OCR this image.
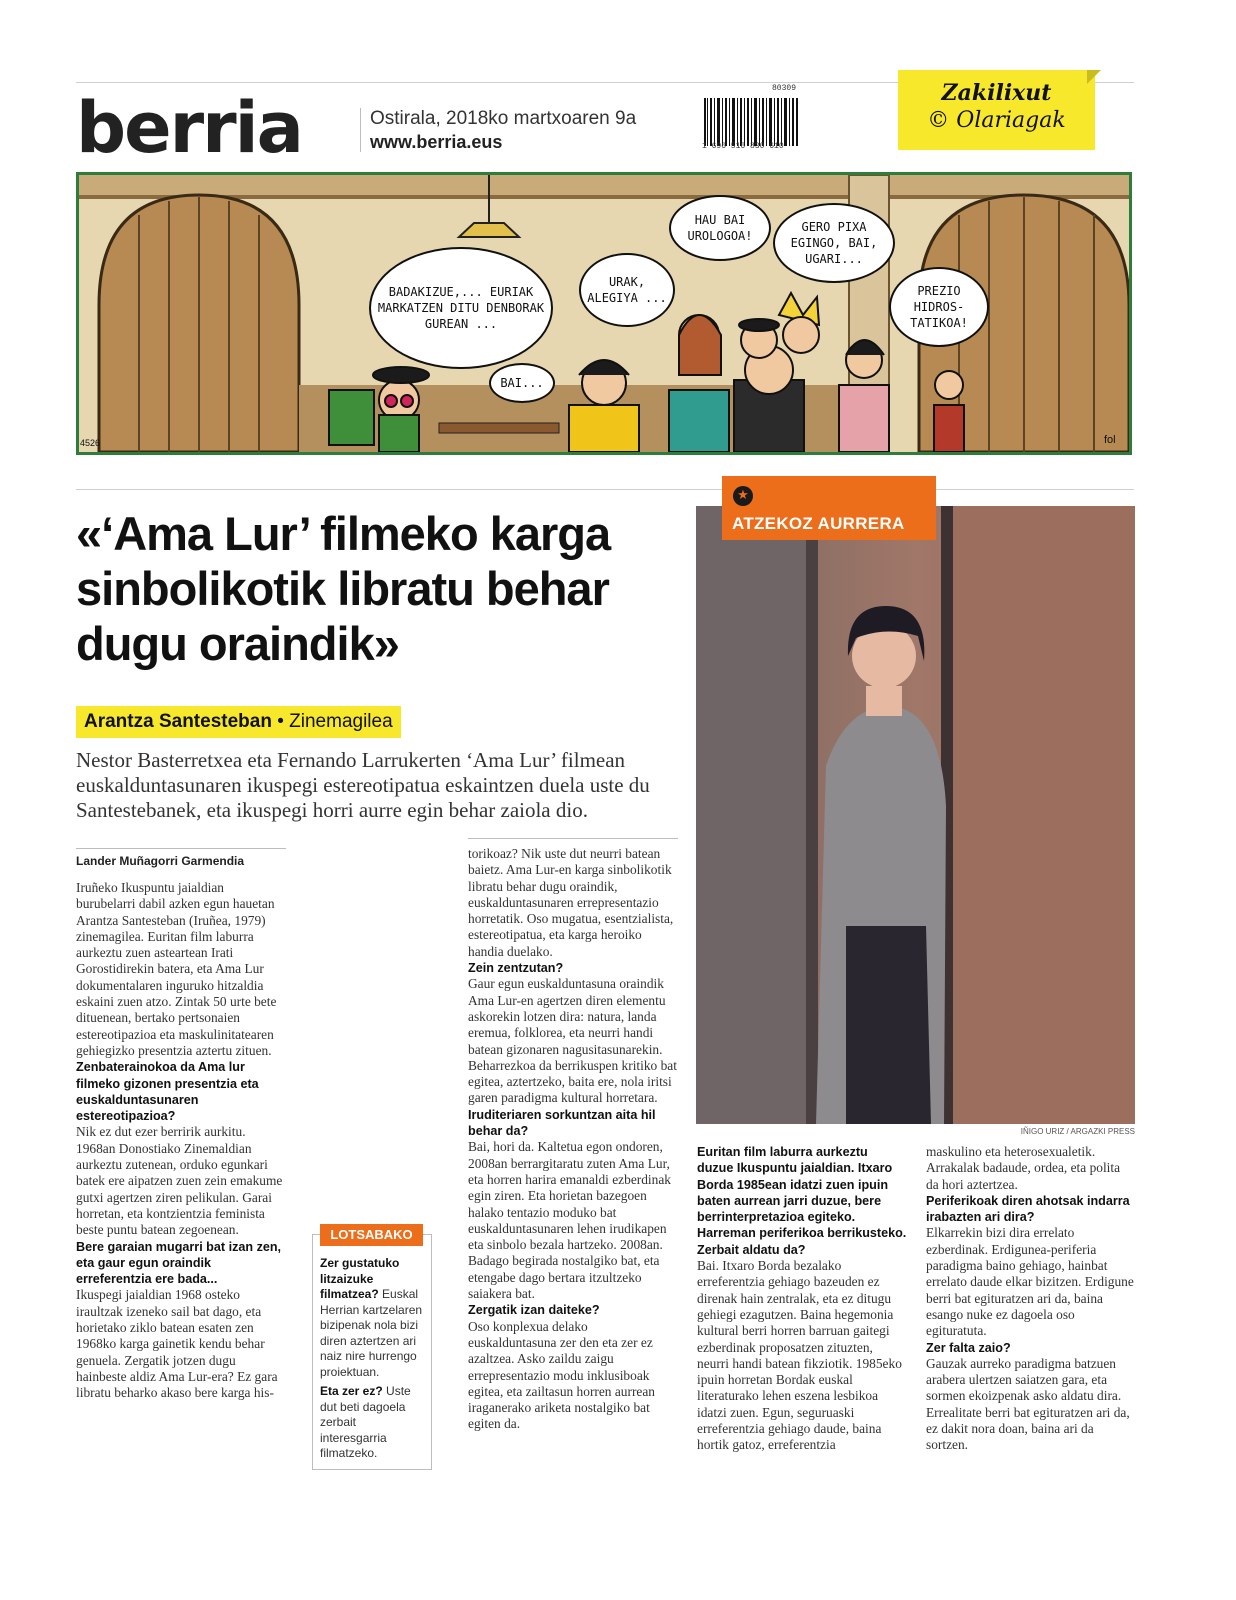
berria	Ostirala, 2018ko martxoaren 9a
www.berria.eus
80309
1 696 516 830 610
Zakilixut
© Olariagak
BADAKIZUE,... EURIAK MARKATZEN DITU DENBORAK GUREAN ...
BAI...
URAK, ALEGIYA ...
HAU BAI UROLOGOA!
GERO PIXA EGINGO, BAI, UGARI...
PREZIO HIDROS-TATIKOA!
4526	fol
«‘Ama Lur’ filmeko karga sinbolikotik libratu behar dugu oraindik»
Arantza Santesteban
• Zinemagilea
Nestor Basterretxea eta Fernando Larrukerten ‘Ama Lur’ filmean euskalduntasunaren ikuspegi estereotipatua eskaintzen duela uste du Santestebanek, eta ikuspegi horri aurre egin behar zaiola dio.
★
ATZEKOZ AURRERA
IÑIGO URIZ / ARGAZKI PRESS
Lander Muñagorri Garmendia

Iruñeko Ikuspuntu jaialdian burubelarri dabil azken egun hauetan Arantza Santesteban (Iruñea, 1979) zinemagilea. Euritan film laburra aurkeztu zuen asteartean Irati Gorostidirekin batera, eta Ama Lur dokumentalaren inguruko hitzaldia eskaini zuen atzo. Zintak 50 urte bete dituenean, bertako pertsonaien estereotipazioa eta maskulinitatearen gehiegizko presentzia aztertu zituen.

Zenbaterainokoa da Ama lur filmeko gizonen presentzia eta euskalduntasunaren estereotipazioa?

Nik ez dut ezer berririk aurkitu. 1968an Donostiako Zinemaldian aurkeztu zutenean, orduko egunkari batek ere aipatzen zuen zein emakume gutxi agertzen ziren pelikulan. Garai horretan, eta kontzientzia feminista beste puntu batean zegoenean.

Bere garaian mugarri bat izan zen, eta gaur egun oraindik erreferentzia ere bada...

Ikuspegi jaialdian 1968 osteko iraultzak izeneko sail bat dago, eta horietako ziklo batean esaten zen 1968ko karga gainetik kendu behar genuela. Zergatik jotzen dugu hainbeste aldiz Ama Lur-era? Ez gara libratu beharko akaso bere karga his-

torikoaz? Nik uste dut neurri batean baietz. Ama Lur-en karga sinbolikotik libratu behar dugu oraindik, euskalduntasunaren errepresentazio horretatik. Oso mugatua, esentzialista, estereotipatua, eta karga heroiko handia duelako.

Zein zentzutan?

Gaur egun euskalduntasuna oraindik Ama Lur-en agertzen diren elementu askorekin lotzen dira: natura, landa eremua, folklorea, eta neurri handi batean gizonaren nagusitasunarekin. Beharrezkoa da berrikuspen kritiko bat egitea, aztertzeko, baita ere, nola iritsi garen paradigma kultural horretara.

Iruditeriaren sorkuntzan aita hil behar da?

Bai, hori da. Kaltetua egon ondoren, 2008an berrargitaratu zuten Ama Lur, eta horren harira emanaldi ezberdinak egin ziren. Eta horietan bazegoen halako tentazio moduko bat euskalduntasunaren lehen irudikapen eta sinbolo bezala hartzeko. 2008an. Badago begirada nostalgiko bat, eta etengabe dago bertara itzultzeko saiakera bat.

Zergatik izan daiteke?

Oso konplexua delako euskalduntasuna zer den eta zer ez azaltzea. Asko zaildu zaigu errepresentazio modu inklusiboak egitea, eta zailtasun horren aurrean iraganerako ariketa nostalgiko bat egiten da.

Euritan film laburra aurkeztu duzue Ikuspuntu jaialdian. Itxaro Borda 1985ean idatzi zuen ipuin baten aurrean jarri duzue, bere berrinterpretazioa egiteko. Harreman periferikoa berrikusteko.

Zerbait aldatu da?

Bai. Itxaro Borda bezalako erreferentzia gehiago bazeuden ez direnak hain zentralak, eta ez ditugu gehiegi ezagutzen. Baina hegemonia kultural berri horren barruan gaitegi ezberdinak proposatzen zituzten, neurri handi batean fikziotik. 1985eko ipuin horretan Bordak euskal literaturako lehen eszena lesbikoa idatzi zuen. Egun, seguruaski erreferentzia gehiago daude, baina hortik gatoz, erreferentzia

maskulino eta heterosexualetik. Arrakalak badaude, ordea, eta polita da hori aztertzea.

Periferikoak diren ahotsak indarra irabazten ari dira?

Elkarrekin bizi dira errelato ezberdinak. Erdigunea-periferia paradigma baino gehiago, hainbat errelato daude elkar bizitzen. Erdigune berri bat egituratzen ari da, baina esango nuke ez dagoela oso egituratuta.

Zer falta zaio?

Gauzak aurreko paradigma batzuen arabera ulertzen saiatzen gara, eta sormen ekoizpenak asko aldatu dira. Errealitate berri bat egituratzen ari da, ez dakit nora doan, baina ari da sortzen.

LOTSABAKO

Zer gustatuko litzaizuke filmatzea? Euskal Herrian kartzelaren bizipenak nola bizi diren aztertzen ari naiz nire hurrengo proiektuan.

Eta zer ez? Uste dut beti dagoela zerbait interesgarria filmatzeko.
